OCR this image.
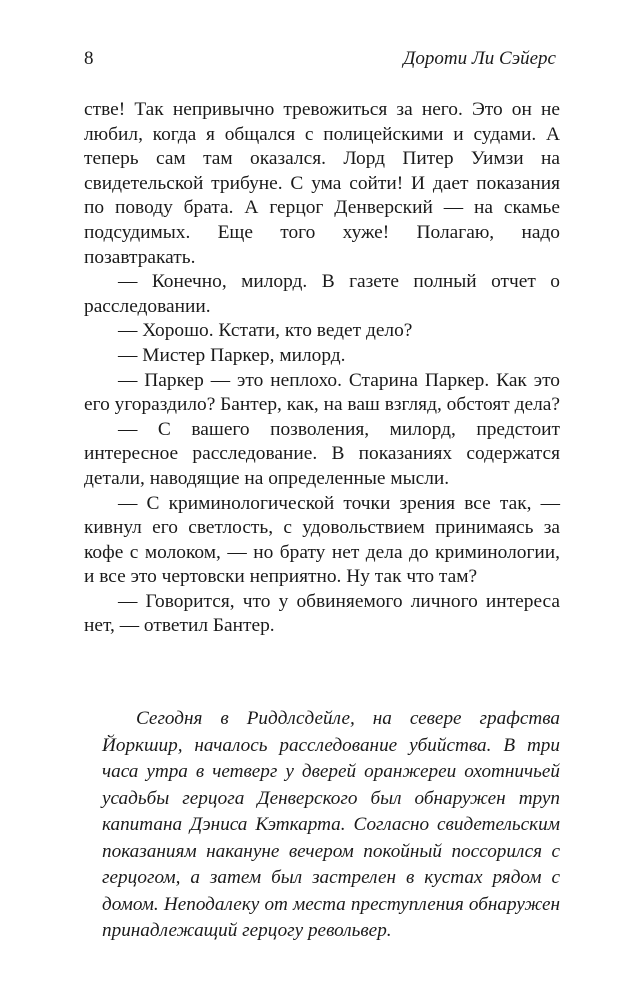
8	Дороти Ли Сэйерс

стве! Так непривычно тревожиться за него. Это он не любил, когда я общался с полицейскими и судами. А теперь сам там оказался. Лорд Питер Уимзи на свидетельской трибуне. С ума сойти! И дает показания по поводу брата. А герцог Денверский — на скамье подсудимых. Еще того хуже! Полагаю, надо позавтракать.

— Конечно, милорд. В газете полный отчет о расследовании.

— Хорошо. Кстати, кто ведет дело?

— Мистер Паркер, милорд.

— Паркер — это неплохо. Старина Паркер. Как это его угораздило? Бантер, как, на ваш взгляд, обстоят дела?

— С вашего позволения, милорд, предстоит интересное расследование. В показаниях содержатся детали, наводящие на определенные мысли.

— С криминологической точки зрения все так, — кивнул его светлость, с удовольствием принимаясь за кофе с молоком, — но брату нет дела до криминологии, и все это чертовски неприятно. Ну так что там?

— Говорится, что у обвиняемого личного интереса нет, — ответил Бантер.

Сегодня в Риддлсдейле, на севере графства Йоркшир, началось расследование убийства. В три часа утра в четверг у дверей оранжереи охотничьей усадьбы герцога Денверского был обнаружен труп капитана Дэниса Кэткарта. Согласно свидетельским показаниям накануне вечером покойный поссорился с герцогом, а затем был застрелен в кустах рядом с домом. Неподалеку от места преступления обнаружен принадлежащий герцогу револьвер.
